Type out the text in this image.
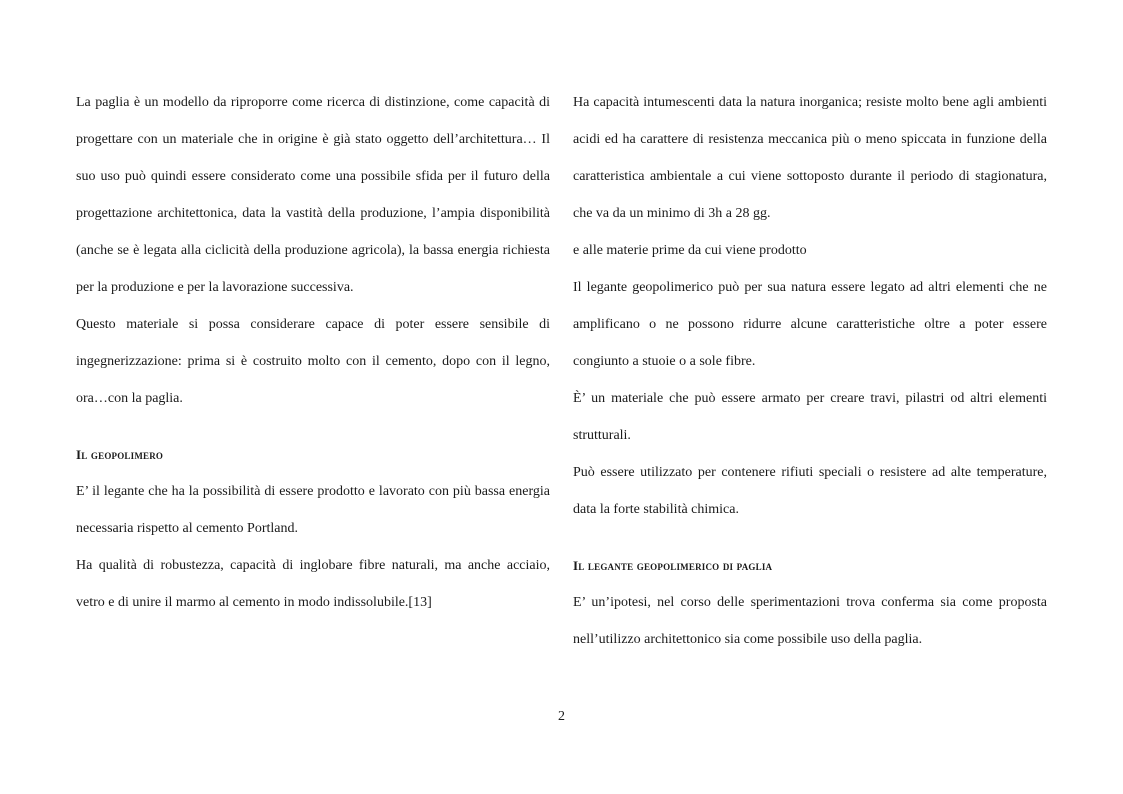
La paglia è un modello da riproporre come ricerca di distinzione, come capacità di progettare con un materiale che in origine è già stato oggetto dell’architettura… Il suo uso può quindi essere considerato come una possibile sfida per il futuro della progettazione architettonica, data la vastità della produzione, l’ampia disponibilità (anche se è legata alla ciclicità della produzione agricola), la bassa energia richiesta per la produzione e per la lavorazione successiva.

Questo materiale si possa considerare capace di poter essere sensibile di ingegnerizzazione: prima si è costruito molto con il cemento, dopo con il legno, ora…con la paglia.

Il geopolimero

E’ il legante che ha la possibilità di essere prodotto e lavorato con più bassa energia necessaria rispetto al cemento Portland.

Ha qualità di robustezza, capacità di inglobare fibre naturali, ma anche acciaio, vetro e di unire il marmo al cemento in modo indissolubile.[13]

Ha capacità intumescenti data la natura inorganica; resiste molto bene agli ambienti acidi ed ha carattere di resistenza meccanica più o meno spiccata in funzione della caratteristica ambientale a cui viene sottoposto durante il periodo di stagionatura, che va da un minimo di 3h a 28 gg.

e alle materie prime da cui viene prodotto

Il legante geopolimerico può per sua natura essere legato ad altri elementi che ne amplificano o ne possono ridurre alcune caratteristiche oltre a poter essere congiunto a stuoie o a sole fibre.

È’ un materiale che può essere armato per creare travi, pilastri od altri elementi strutturali.

Può essere utilizzato per contenere rifiuti speciali o resistere ad alte temperature, data la forte stabilità chimica.

Il legante geopolimerico di paglia

E’ un’ipotesi, nel corso delle sperimentazioni trova conferma sia come proposta nell’utilizzo architettonico sia come possibile uso della paglia.

2
